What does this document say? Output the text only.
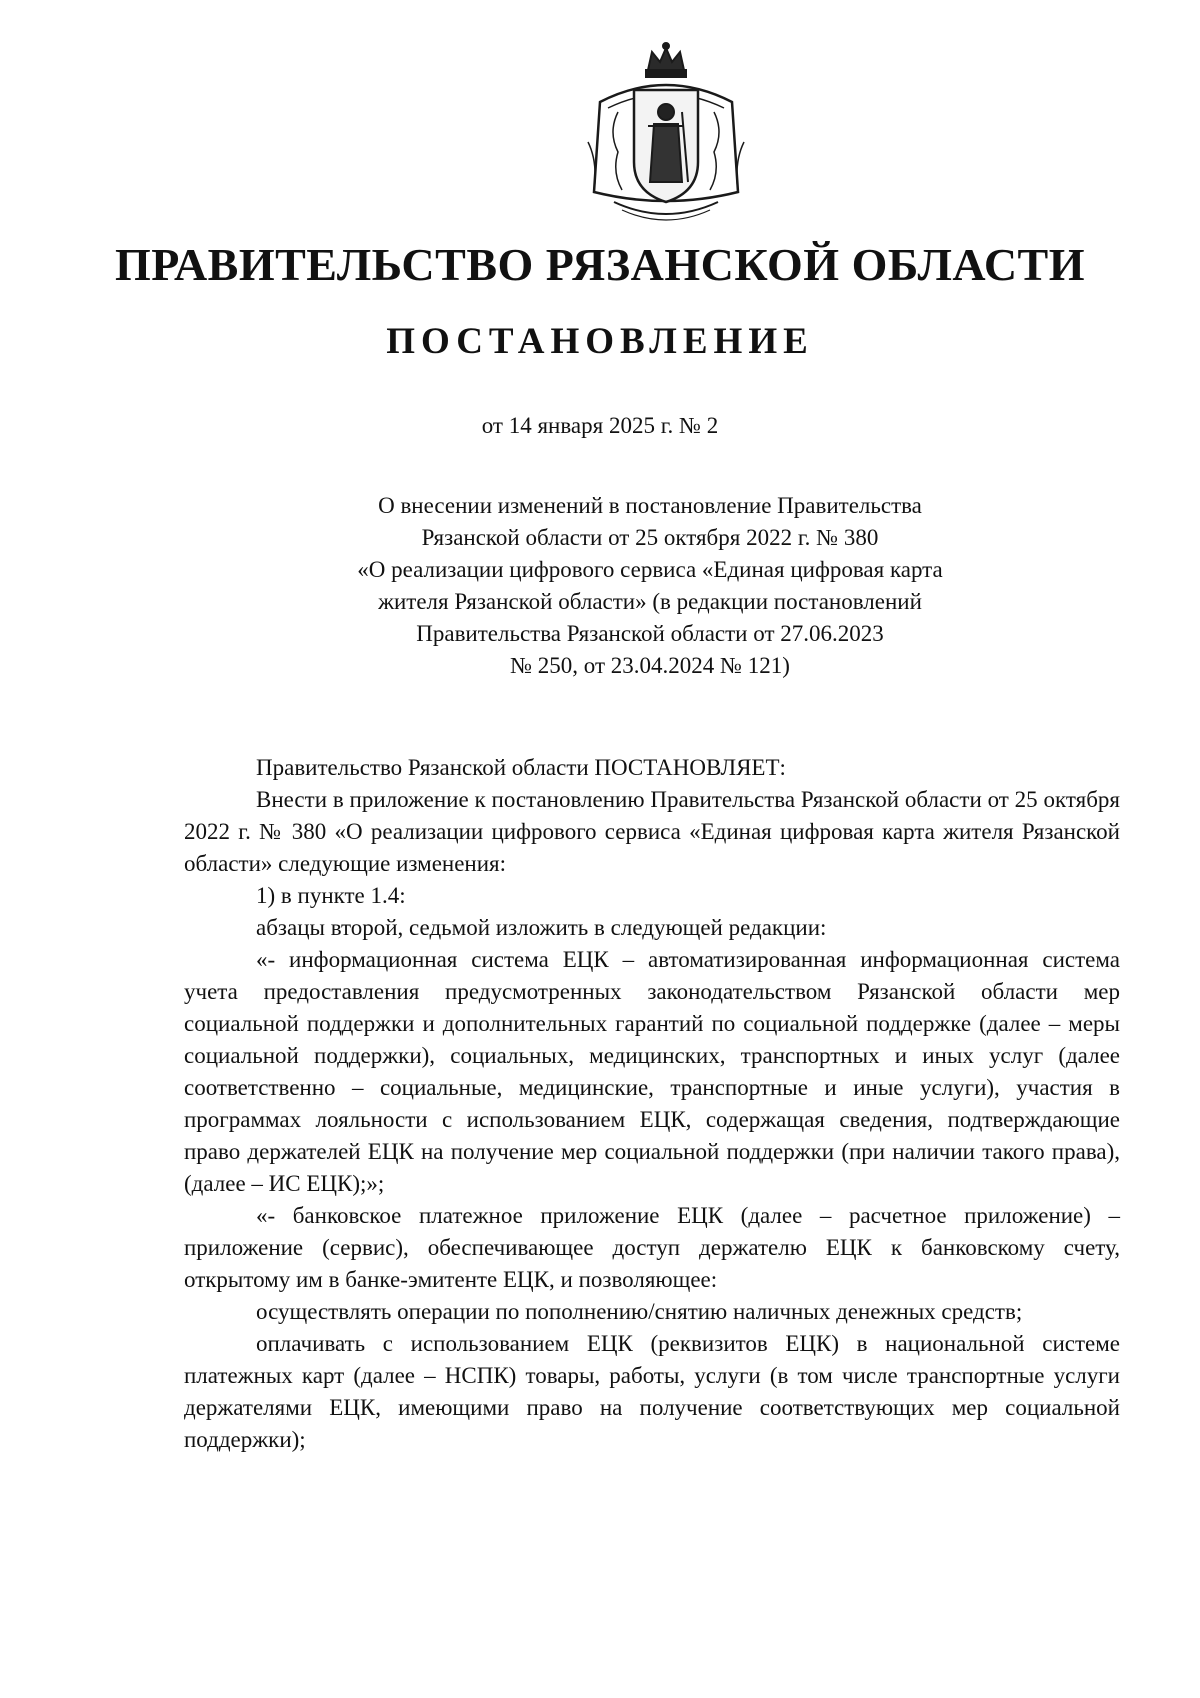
ПРАВИТЕЛЬСТВО РЯЗАНСКОЙ ОБЛАСТИ
ПОСТАНОВЛЕНИЕ
от 14 января 2025 г. № 2
О внесении изменений в постановление Правительства
Рязанской области от 25 октября 2022 г. № 380
«О реализации цифрового сервиса «Единая цифровая карта
жителя Рязанской области» (в редакции постановлений
Правительства Рязанской области от 27.06.2023
№ 250, от 23.04.2024 № 121)

Правительство Рязанской области ПОСТАНОВЛЯЕТ:

Внести в приложение к постановлению Правительства Рязанской области от 25 октября 2022 г. № 380 «О реализации цифрового сервиса «Единая цифровая карта жителя Рязанской области» следующие изменения:

1) в пункте 1.4:

абзацы второй, седьмой изложить в следующей редакции:

«- информационная система ЕЦК – автоматизированная информационная система учета предоставления предусмотренных законодательством Рязанской области мер социальной поддержки и дополнительных гарантий по социальной поддержке (далее – меры социальной поддержки), социальных, медицинских, транспортных и иных услуг (далее соответственно – социальные, медицинские, транспортные и иные услуги), участия в программах лояльности с использованием ЕЦК, содержащая сведения, подтверждающие право держателей ЕЦК на получение мер социальной поддержки (при наличии такого права), (далее – ИС ЕЦК);»;

«- банковское платежное приложение ЕЦК (далее – расчетное приложение) – приложение (сервис), обеспечивающее доступ держателю ЕЦК к банковскому счету, открытому им в банке-эмитенте ЕЦК, и позволяющее:

осуществлять операции по пополнению/снятию наличных денежных средств;

оплачивать с использованием ЕЦК (реквизитов ЕЦК) в национальной системе платежных карт (далее – НСПК) товары, работы, услуги (в том числе транспортные услуги держателями ЕЦК, имеющими право на получение соответствующих мер социальной поддержки);
